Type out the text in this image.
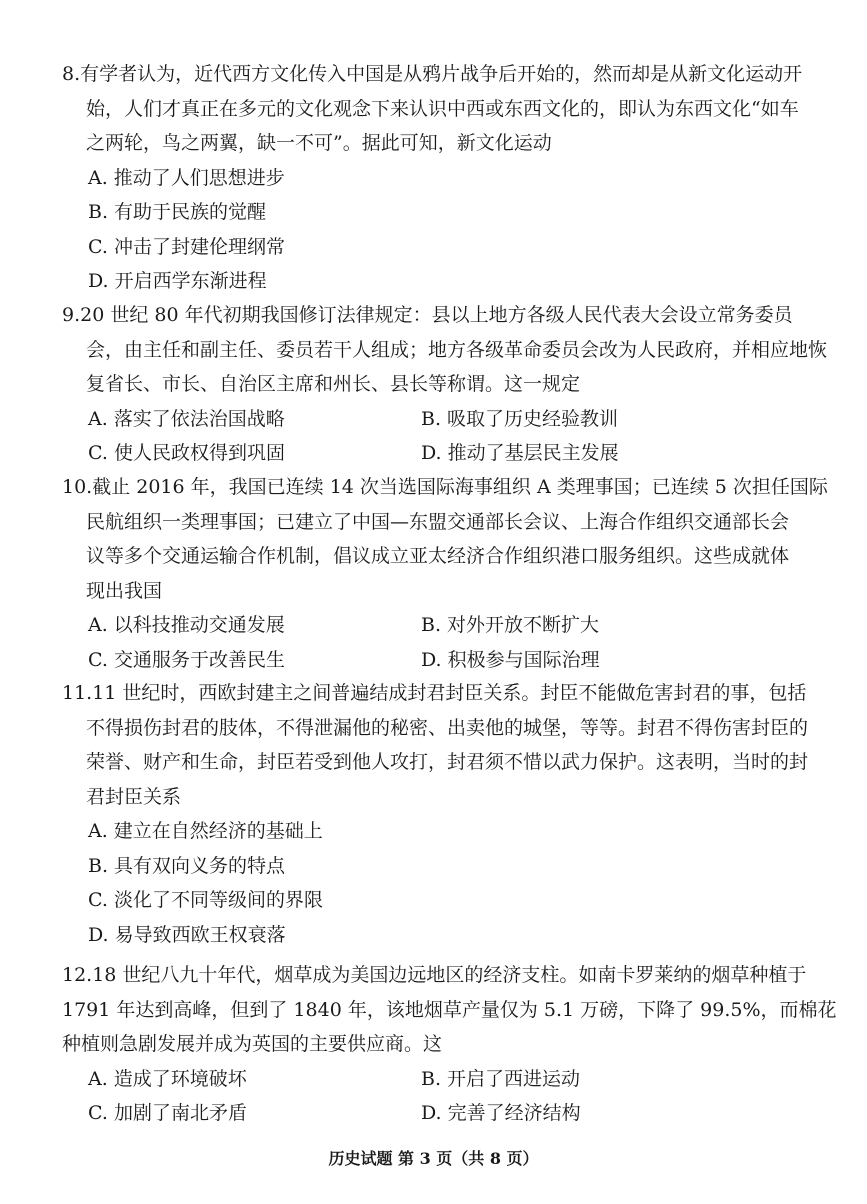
8.有学者认为，近代西方文化传入中国是从鸦片战争后开始的，然而却是从新文化运动开
始，人们才真正在多元的文化观念下来认识中西或东西文化的，即认为东西文化“如车
之两轮，鸟之两翼，缺一不可”。据此可知，新文化运动

A. 推动了人们思想进步
B. 有助于民族的觉醒
C. 冲击了封建伦理纲常
D. 开启西学东渐进程

9.20 世纪 80 年代初期我国修订法律规定：县以上地方各级人民代表大会设立常务委员
会，由主任和副主任、委员若干人组成；地方各级革命委员会改为人民政府，并相应地恢
复省长、市长、自治区主席和州长、县长等称谓。这一规定

A. 落实了依法治国战略	B. 吸取了历史经验教训
C. 使人民政权得到巩固	D. 推动了基层民主发展

10.截止 2016 年，我国已连续 14 次当选国际海事组织 A 类理事国；已连续 5 次担任国际
民航组织一类理事国；已建立了中国—东盟交通部长会议、上海合作组织交通部长会
议等多个交通运输合作机制，倡议成立亚太经济合作组织港口服务组织。这些成就体
现出我国

A. 以科技推动交通发展	B. 对外开放不断扩大
C. 交通服务于改善民生	D. 积极参与国际治理

11.11 世纪时，西欧封建主之间普遍结成封君封臣关系。封臣不能做危害封君的事，包括
不得损伤封君的肢体，不得泄漏他的秘密、出卖他的城堡，等等。封君不得伤害封臣的
荣誉、财产和生命，封臣若受到他人攻打，封君须不惜以武力保护。这表明，当时的封
君封臣关系

A. 建立在自然经济的基础上
B. 具有双向义务的特点
C. 淡化了不同等级间的界限
D. 易导致西欧王权衰落

12.18 世纪八九十年代，烟草成为美国边远地区的经济支柱。如南卡罗莱纳的烟草种植于
1791 年达到高峰，但到了 1840 年，该地烟草产量仅为 5.1 万磅，下降了 99.5%，而棉花
种植则急剧发展并成为英国的主要供应商。这

A. 造成了环境破坏	B. 开启了西进运动
C. 加剧了南北矛盾	D. 完善了经济结构
历史试题 第 3 页（共 8 页）
